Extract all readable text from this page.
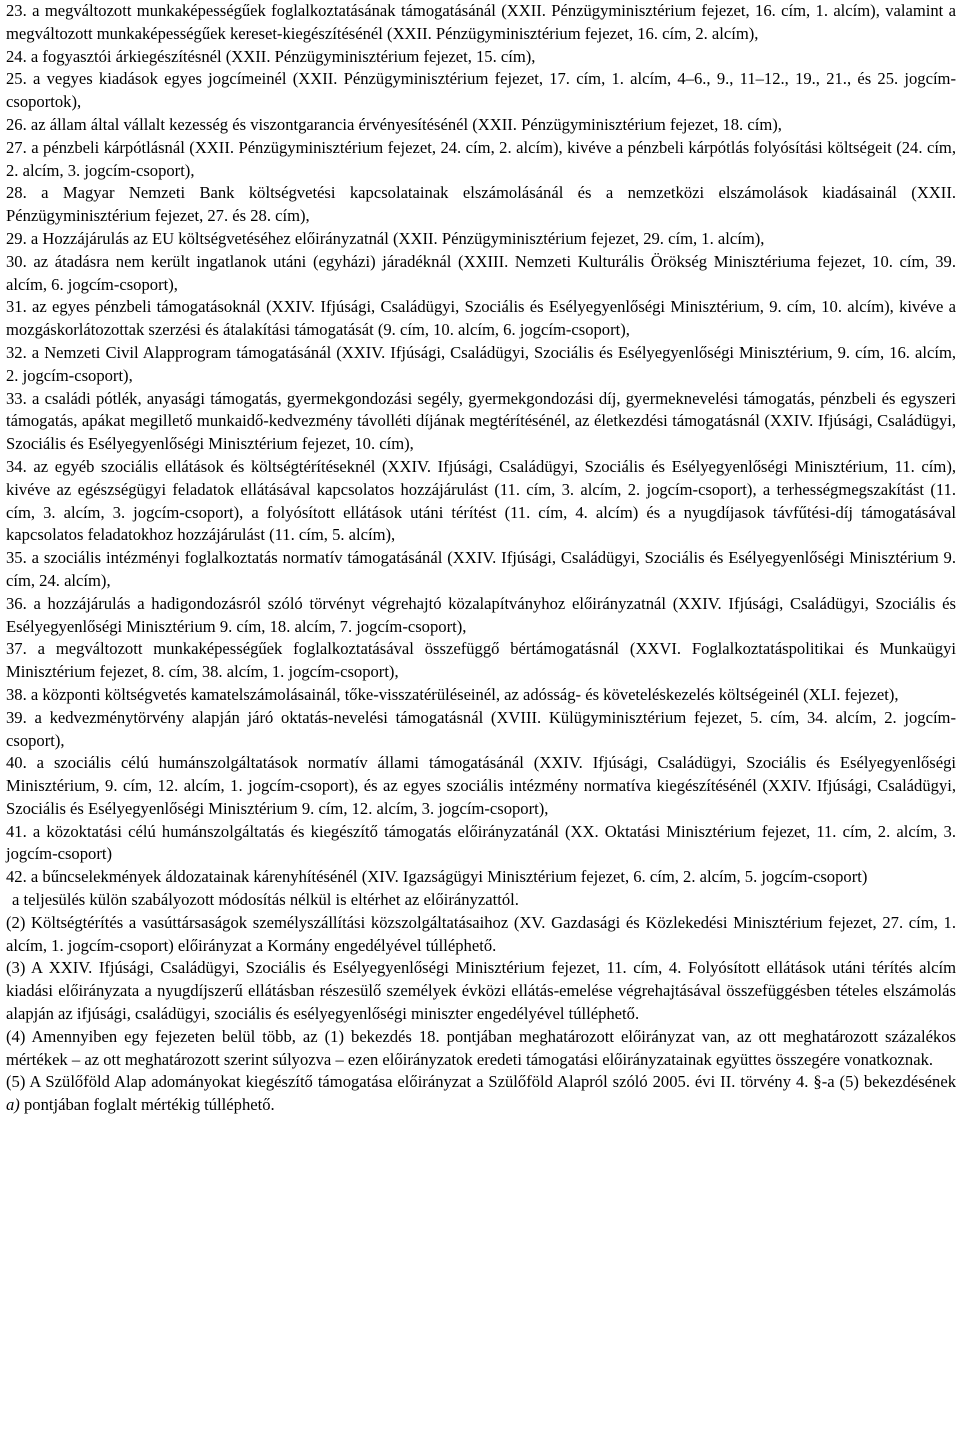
23. a megváltozott munkaképességűek foglalkoztatásának támogatásánál (XXII. Pénzügyminisztérium fejezet, 16. cím, 1. alcím), valamint a megváltozott munkaképességűek kereset-kiegészítésénél (XXII. Pénzügyminisztérium fejezet, 16. cím, 2. alcím),

24. a fogyasztói árkiegészítésnél (XXII. Pénzügyminisztérium fejezet, 15. cím),

25. a vegyes kiadások egyes jogcímeinél (XXII. Pénzügyminisztérium fejezet, 17. cím, 1. alcím, 4–6., 9., 11–12., 19., 21., és 25. jogcím-csoportok),

26. az állam által vállalt kezesség és viszontgarancia érvényesítésénél (XXII. Pénzügyminisztérium fejezet, 18. cím),

27. a pénzbeli kárpótlásnál (XXII. Pénzügyminisztérium fejezet, 24. cím, 2. alcím), kivéve a pénzbeli kárpótlás folyósítási költségeit (24. cím, 2. alcím, 3. jogcím-csoport),

28. a Magyar Nemzeti Bank költségvetési kapcsolatainak elszámolásánál és a nemzetközi elszámolások kiadásainál (XXII. Pénzügyminisztérium fejezet, 27. és 28. cím),

29. a Hozzájárulás az EU költségvetéséhez előirányzatnál (XXII. Pénzügyminisztérium fejezet, 29. cím, 1. alcím),

30. az átadásra nem került ingatlanok utáni (egyházi) járadéknál (XXIII. Nemzeti Kulturális Örökség Minisztériuma fejezet, 10. cím, 39. alcím, 6. jogcím-csoport),

31. az egyes pénzbeli támogatásoknál (XXIV. Ifjúsági, Családügyi, Szociális és Esélyegyenlőségi Minisztérium, 9. cím, 10. alcím), kivéve a mozgáskorlátozottak szerzési és átalakítási támogatását (9. cím, 10. alcím, 6. jogcím-csoport),

32. a Nemzeti Civil Alapprogram támogatásánál (XXIV. Ifjúsági, Családügyi, Szociális és Esélyegyenlőségi Minisztérium, 9. cím, 16. alcím, 2. jogcím-csoport),

33. a családi pótlék, anyasági támogatás, gyermekgondozási segély, gyermekgondozási díj, gyermeknevelési támogatás, pénzbeli és egyszeri támogatás, apákat megillető munkaidő-kedvezmény távolléti díjának megtérítésénél, az életkezdési támogatásnál (XXIV. Ifjúsági, Családügyi, Szociális és Esélyegyenlőségi Minisztérium fejezet, 10. cím),

34. az egyéb szociális ellátások és költségtérítéseknél (XXIV. Ifjúsági, Családügyi, Szociális és Esélyegyenlőségi Minisztérium, 11. cím), kivéve az egészségügyi feladatok ellátásával kapcsolatos hozzájárulást (11. cím, 3. alcím, 2. jogcím-csoport), a terhességmegszakítást (11. cím, 3. alcím, 3. jogcím-csoport), a folyósított ellátások utáni térítést (11. cím, 4. alcím) és a nyugdíjasok távfűtési-díj támogatásával kapcsolatos feladatokhoz hozzájárulást (11. cím, 5. alcím),

35. a szociális intézményi foglalkoztatás normatív támogatásánál (XXIV. Ifjúsági, Családügyi, Szociális és Esélyegyenlőségi Minisztérium 9. cím, 24. alcím),

36. a hozzájárulás a hadigondozásról szóló törvényt végrehajtó közalapítványhoz előirányzatnál (XXIV. Ifjúsági, Családügyi, Szociális és Esélyegyenlőségi Minisztérium 9. cím, 18. alcím, 7. jogcím-csoport),

37. a megváltozott munkaképességűek foglalkoztatásával összefüggő bértámogatásnál (XXVI. Foglalkoztatáspolitikai és Munkaügyi Minisztérium fejezet, 8. cím, 38. alcím, 1. jogcím-csoport),

38. a központi költségvetés kamatelszámolásainál, tőke-visszatérüléseinél, az adósság- és követeléskezelés költségeinél (XLI. fejezet),

39. a kedvezménytörvény alapján járó oktatás-nevelési támogatásnál (XVIII. Külügyminisztérium fejezet, 5. cím, 34. alcím, 2. jogcím-csoport),

40. a szociális célú humánszolgáltatások normatív állami támogatásánál (XXIV. Ifjúsági, Családügyi, Szociális és Esélyegyenlőségi Minisztérium, 9. cím, 12. alcím, 1. jogcím-csoport), és az egyes szociális intézmény normatíva kiegészítésénél (XXIV. Ifjúsági, Családügyi, Szociális és Esélyegyenlőségi Minisztérium 9. cím, 12. alcím, 3. jogcím-csoport),

41. a közoktatási célú humánszolgáltatás és kiegészítő támogatás előirányzatánál (XX. Oktatási Minisztérium fejezet, 11. cím, 2. alcím, 3. jogcím-csoport)

42. a bűncselekmények áldozatainak kárenyhítésénél (XIV. Igazságügyi Minisztérium fejezet, 6. cím, 2. alcím, 5. jogcím-csoport)

a teljesülés külön szabályozott módosítás nélkül is eltérhet az előirányzattól.

(2) Költségtérítés a vasúttársaságok személyszállítási közszolgáltatásaihoz (XV. Gazdasági és Közlekedési Minisztérium fejezet, 27. cím, 1. alcím, 1. jogcím-csoport) előirányzat a Kormány engedélyével túlléphető.

(3) A XXIV. Ifjúsági, Családügyi, Szociális és Esélyegyenlőségi Minisztérium fejezet, 11. cím, 4. Folyósított ellátások utáni térítés alcím kiadási előirányzata a nyugdíjszerű ellátásban részesülő személyek évközi ellátás-emelése végrehajtásával összefüggésben tételes elszámolás alapján az ifjúsági, családügyi, szociális és esélyegyenlőségi miniszter engedélyével túlléphető.

(4) Amennyiben egy fejezeten belül több, az (1) bekezdés 18. pontjában meghatározott előirányzat van, az ott meghatározott százalékos mértékek – az ott meghatározott szerint súlyozva – ezen előirányzatok eredeti támogatási előirányzatainak együttes összegére vonatkoznak.

(5) A Szülőföld Alap adományokat kiegészítő támogatása előirányzat a Szülőföld Alapról szóló 2005. évi II. törvény 4. §-a (5) bekezdésének a) pontjában foglalt mértékig túlléphető.
